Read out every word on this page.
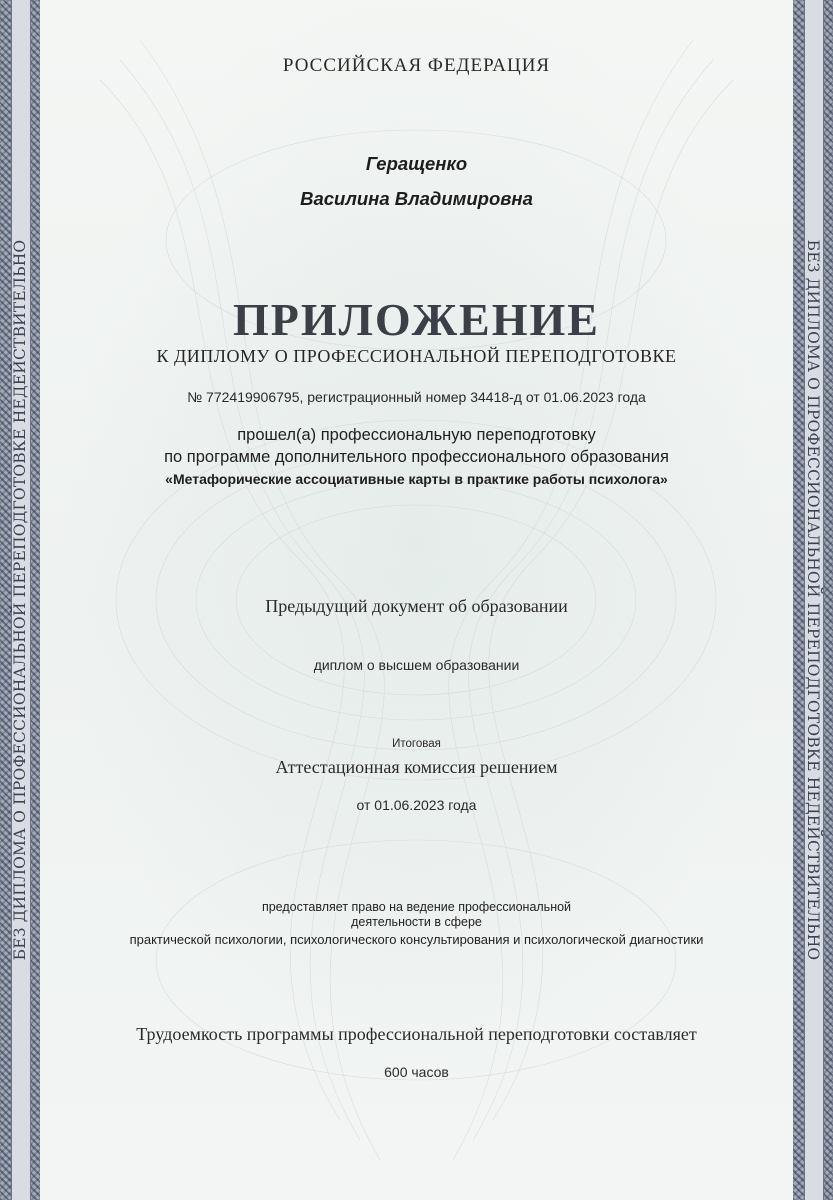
БЕЗ ДИПЛОМА О ПРОФЕССИОНАЛЬНОЙ ПЕРЕПОДГОТОВКЕ НЕДЕЙСТВИТЕЛЬНО	БЕЗ ДИПЛОМА О ПРОФЕССИОНАЛЬНОЙ ПЕРЕПОДГОТОВКЕ НЕДЕЙСТВИТЕЛЬНО
РОССИЙСКАЯ ФЕДЕРАЦИЯ
Геращенко
Василина Владимировна
ПРИЛОЖЕНИЕ
К ДИПЛОМУ О ПРОФЕССИОНАЛЬНОЙ ПЕРЕПОДГОТОВКЕ
№ 772419906795, регистрационный номер 34418-д от 01.06.2023 года
прошел(а) профессиональную переподготовку
по программе дополнительного профессионального образования
«Метафорические ассоциативные карты в практике работы психолога»
Предыдущий документ об образовании
диплом о высшем образовании
Итоговая
Аттестационная комиссия решением
от 01.06.2023 года
предоставляет право на ведение профессиональной
деятельности в сфере
практической психологии, психологического консультирования и психологической диагностики
Трудоемкость программы профессиональной переподготовки составляет
600 часов
